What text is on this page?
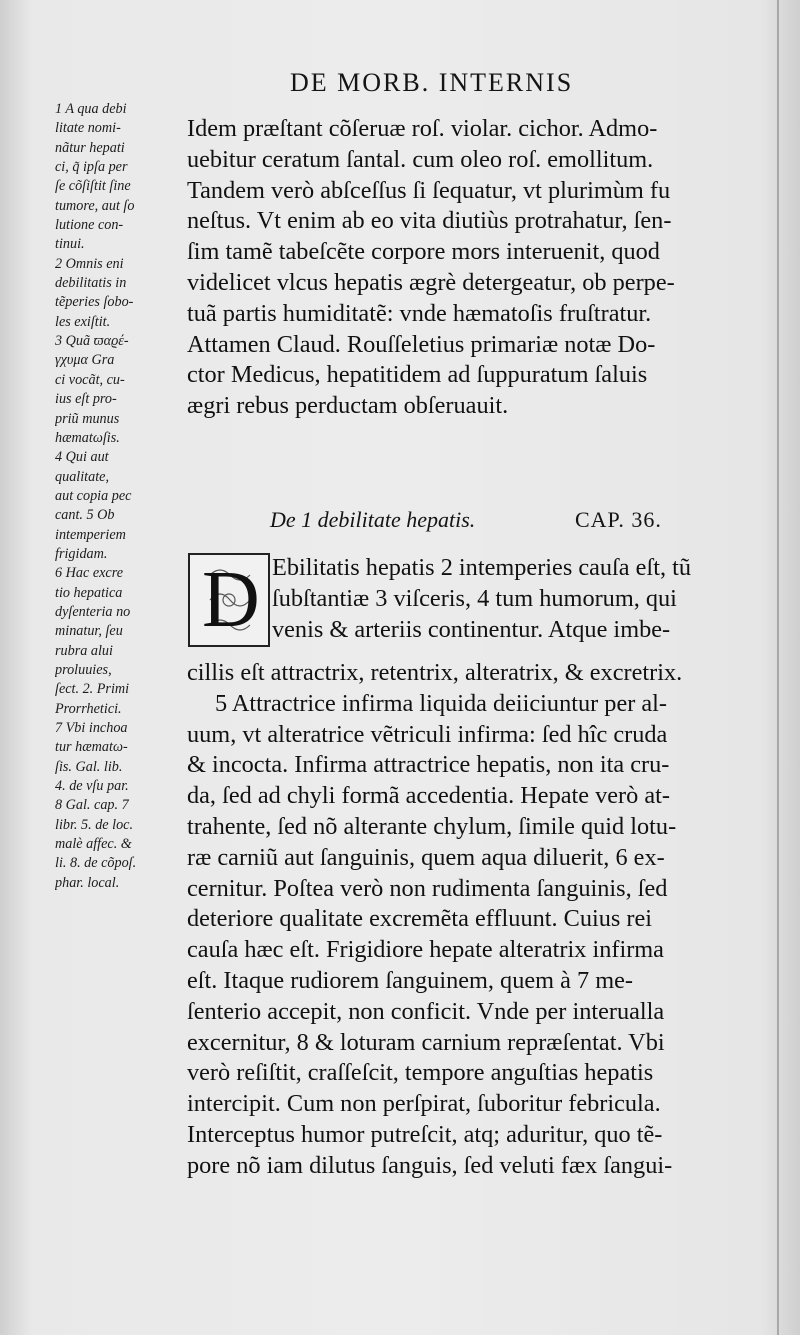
DE MORB. INTERNIS
1 A qua debi
litate nomi-
nãtur hepati
ci, q̃ ipſa per
ſe cõſiſtit ſine
tumore, aut ſo
lutione con-
tinui.
2 Omnis eni
debilitatis in
tẽperies ſobo-
les exiſtit.
3 Quã ϖαϱέ-
γχυμα Gra
ci vocãt, cu-
ius eſt pro-
priũ munus
hæmatωſis.
4 Qui aut
qualitate,
aut copia pec
cant. 5 Ob
intemperiem
frigidam.
6 Hac excre
tio hepatica
dyſenteria no
minatur, ſeu
rubra alui
proluuies,
ſect. 2. Primi
Prorrhetici.
7 Vbi inchoa
tur hæmatω-
ſis. Gal. lib.
4. de vſu par.
8 Gal. cap. 7
libr. 5. de loc.
malè affec. &
li. 8. de cõpoſ.
phar. local.
Idem præſtant cõſeruæ roſ. violar. cichor. Admo-
uebitur ceratum ſantal. cum oleo roſ. emollitum.
Tandem verò abſceſſus ſi ſequatur, vt plurimùm fu
neſtus. Vt enim ab eo vita diutiùs protrahatur, ſen-
ſim tamẽ tabeſcẽte corpore mors interuenit, quod
videlicet vlcus hepatis ægrè detergeatur, ob perpe-
tuã partis humiditatẽ: vnde hæmatoſis fruſtratur.
Attamen Claud. Rouſſeletius primariæ notæ Do-
ctor Medicus, hepatitidem ad ſuppuratum ſaluis
ægri rebus perductam obſeruauit.
De 1 debilitate hepatis.	CAP. 36.
D Ebilitatis hepatis 2 intemperies cauſa eſt, tũ
ſubſtantiæ 3 viſceris, 4 tum humorum, qui
venis & arteriis continentur. Atque imbe-
cillis eſt attractrix, retentrix, alteratrix, & excretrix.
5 Attractrice infirma liquida deiiciuntur per al-
uum, vt alteratrice vẽtriculi infirma: ſed hîc cruda
& incocta. Infirma attractrice hepatis, non ita cru-
da, ſed ad chyli formã accedentia. Hepate verò at-
trahente, ſed nõ alterante chylum, ſimile quid lotu-
ræ carniũ aut ſanguinis, quem aqua diluerit, 6 ex-
cernitur. Poſtea verò non rudimenta ſanguinis, ſed
deteriore qualitate excremẽta effluunt. Cuius rei
cauſa hæc eſt. Frigidiore hepate alteratrix infirma
eſt. Itaque rudiorem ſanguinem, quem à 7 me-
ſenterio accepit, non conficit. Vnde per interualla
excernitur, 8 & loturam carnium repræſentat. Vbi
verò reſiſtit, craſſeſcit, tempore anguſtias hepatis
intercipit. Cum non perſpirat, ſuboritur febricula.
Interceptus humor putreſcit, atq; aduritur, quo tẽ-
pore nõ iam dilutus ſanguis, ſed veluti fæx ſangui-
